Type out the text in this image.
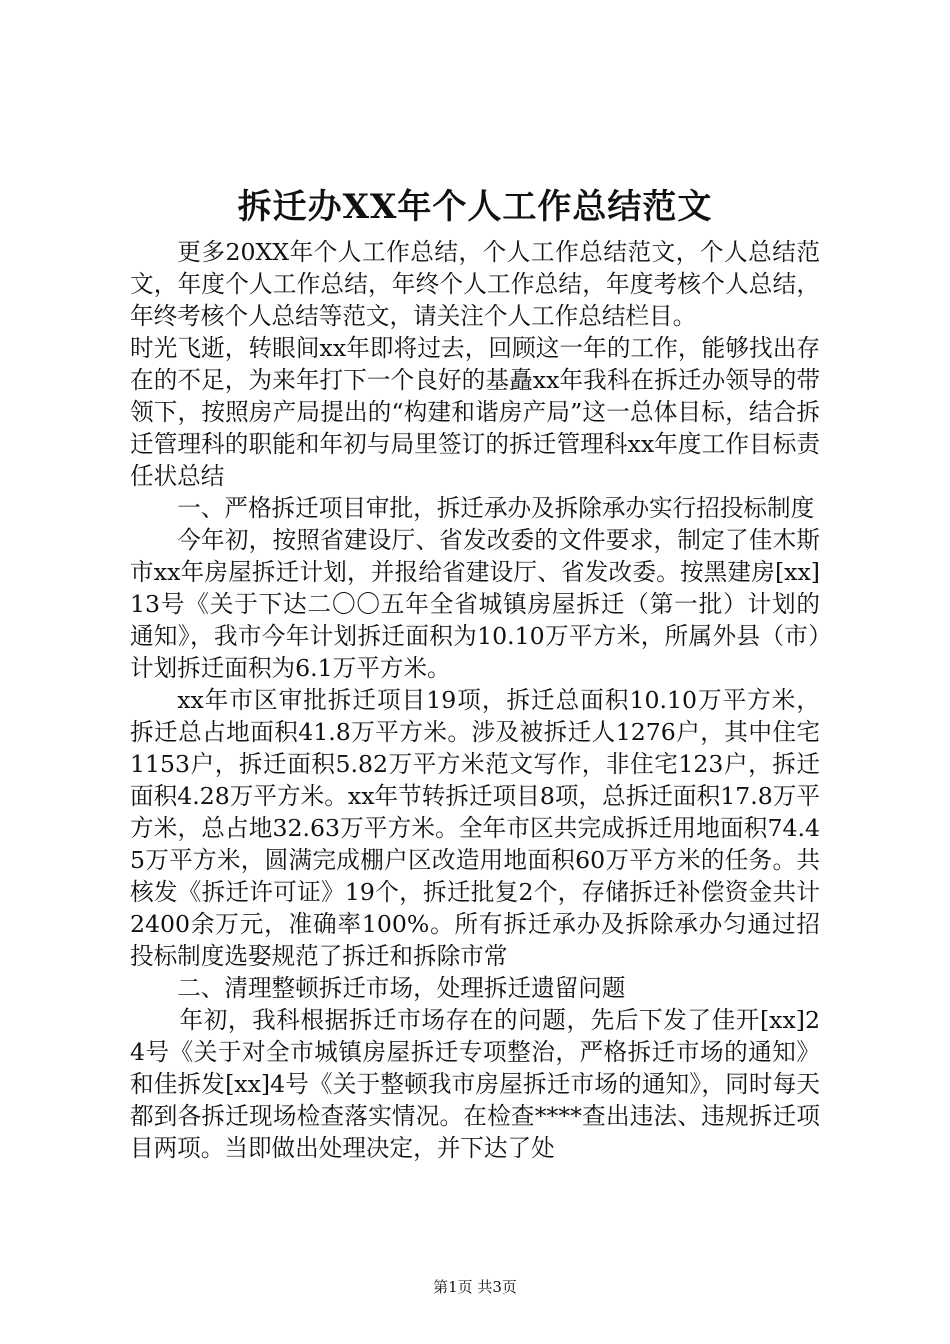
拆迁办XX年个人工作总结范文

更多20XX年个人工作总结，个人工作总结范文，个人总结范文，年度个人工作总结，年终个人工作总结，年度考核个人总结，年终考核个人总结等范文，请关注个人工作总结栏目。

时光飞逝，转眼间xx年即将过去，回顾这一年的工作，能够找出存在的不足，为来年打下一个良好的基矗xx年我科在拆迁办领导的带领下，按照房产局提出的“构建和谐房产局”这一总体目标，结合拆迁管理科的职能和年初与局里签订的拆迁管理科xx年度工作目标责任状总结

一、严格拆迁项目审批，拆迁承办及拆除承办实行招投标制度

今年初，按照省建设厅、省发改委的文件要求，制定了佳木斯市xx年房屋拆迁计划，并报给省建设厅、省发改委。按黑建房[xx]13号《关于下达二〇〇五年全省城镇房屋拆迁（第一批）计划的通知》，我市今年计划拆迁面积为10.10万平方米，所属外县（市）计划拆迁面积为6.1万平方米。

xx年市区审批拆迁项目19项，拆迁总面积10.10万平方米，拆迁总占地面积41.8万平方米。涉及被拆迁人1276户，其中住宅1153户，拆迁面积5.82万平方米范文写作，非住宅123户，拆迁面积4.28万平方米。xx年节转拆迁项目8项，总拆迁面积17.8万平方米，总占地32.63万平方米。全年市区共完成拆迁用地面积74.45万平方米，圆满完成棚户区改造用地面积60万平方米的任务。共核发《拆迁许可证》19个，拆迁批复2个，存储拆迁补偿资金共计2400余万元，准确率100%。所有拆迁承办及拆除承办匀通过招投标制度选娶规范了拆迁和拆除市常

二、清理整顿拆迁市场，处理拆迁遗留问题

年初，我科根据拆迁市场存在的问题，先后下发了佳开[xx]24号《关于对全市城镇房屋拆迁专项整治，严格拆迁市场的通知》和佳拆发[xx]4号《关于整顿我市房屋拆迁市场的通知》，同时每天都到各拆迁现场检查落实情况。在检查****查出违法、违规拆迁项目两项。当即做出处理决定，并下达了处

第1页 共3页
